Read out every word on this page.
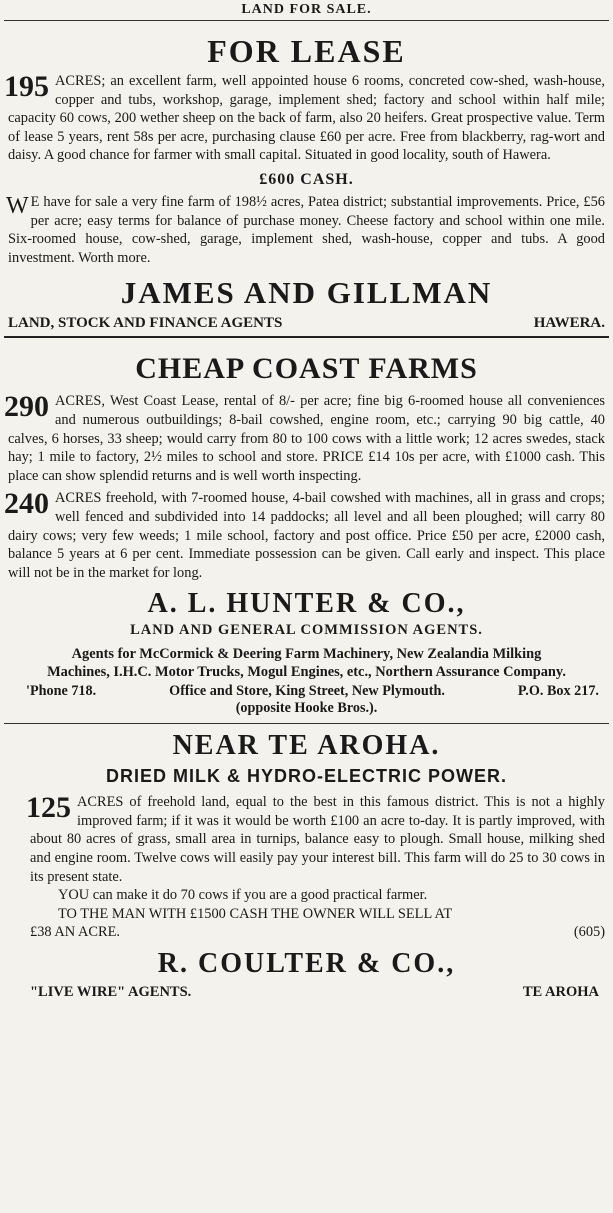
LAND FOR SALE.
FOR LEASE
195 ACRES; an excellent farm, well appointed house 6 rooms, concreted cow-shed, wash-house, copper and tubs, workshop, garage, implement shed; factory and school within half mile; capacity 60 cows, 200 wether sheep on the back of farm, also 20 heifers. Great prospective value. Term of lease 5 years, rent 58s per acre, purchasing clause £60 per acre. Free from blackberry, rag-wort and daisy. A good chance for farmer with small capital. Situated in good locality, south of Hawera.
£600 CASH.
W E have for sale a very fine farm of 198½ acres, Patea district; substantial improvements. Price, £56 per acre; easy terms for balance of purchase money. Cheese factory and school within one mile. Six-roomed house, cow-shed, garage, implement shed, wash-house, copper and tubs. A good investment. Worth more.
JAMES AND GILLMAN
LAND, STOCK AND FINANCE AGENTS	HAWERA.
CHEAP COAST FARMS
290 ACRES, West Coast Lease, rental of 8/- per acre; fine big 6-roomed house all conveniences and numerous outbuildings; 8-bail cowshed, engine room, etc.; carrying 90 big cattle, 40 calves, 6 horses, 33 sheep; would carry from 80 to 100 cows with a little work; 12 acres swedes, stack hay; 1 mile to factory, 2½ miles to school and store. PRICE £14 10s per acre, with £1000 cash. This place can show splendid returns and is well worth inspecting.
240 ACRES freehold, with 7-roomed house, 4-bail cowshed with machines, all in grass and crops; well fenced and subdivided into 14 paddocks; all level and all been ploughed; will carry 80 dairy cows; very few weeds; 1 mile school, factory and post office. Price £50 per acre, £2000 cash, balance 5 years at 6 per cent. Immediate possession can be given. Call early and inspect. This place will not be in the market for long.
A. L. HUNTER & CO.,
LAND AND GENERAL COMMISSION AGENTS.
Agents for McCormick & Deering Farm Machinery, New Zealandia Milking Machines, I.H.C. Motor Trucks, Mogul Engines, etc., Northern Assurance Company.
'Phone 718.	Office and Store, King Street, New Plymouth.	P.O. Box 217.
(opposite Hooke Bros.).
NEAR TE AROHA.
DRIED MILK & HYDRO-ELECTRIC POWER.
125 ACRES of freehold land, equal to the best in this famous district. This is not a highly improved farm; if it was it would be worth £100 an acre to-day. It is partly improved, with about 80 acres of grass, small area in turnips, balance easy to plough. Small house, milking shed and engine room. Twelve cows will easily pay your interest bill. This farm will do 25 to 30 cows in its present state.
YOU can make it do 70 cows if you are a good practical farmer.
TO THE MAN WITH £1500 CASH THE OWNER WILL SELL AT
£38 AN ACRE.	(605)
R. COULTER & CO.,
"LIVE WIRE" AGENTS.	TE AROHA
